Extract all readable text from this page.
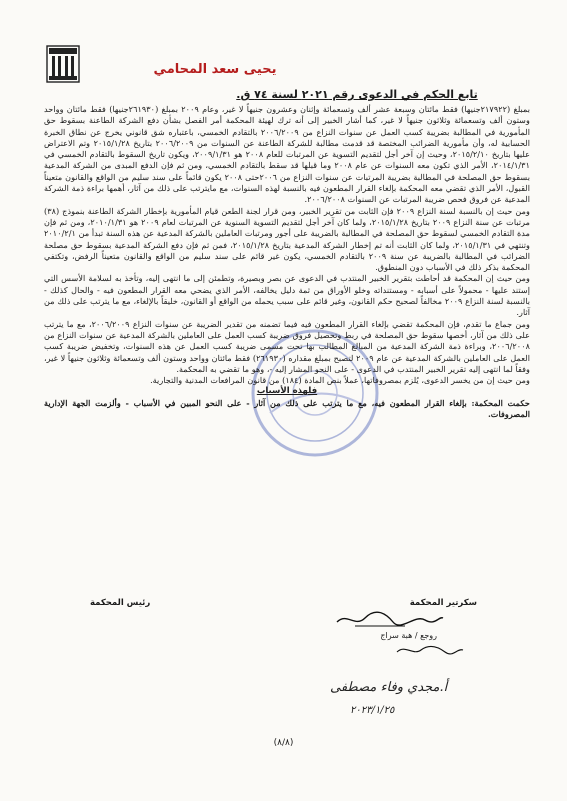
يحيى سعد المحامي
تابع الحكم في الدعوى رقم ٢٠٢١ لسنة ٧٤ ق.

بمبلغ (٢١٧٩٢٢جنيها) فقط مائتان وسبعة عشر ألف وتسعمائة وإثنان وعشرون جنيهاً لا غير، وعام ٢٠٠٩ بمبلغ (٢٦١٩٣٠جنيها) فقط مائتان وواحد وستون ألف وتسعمائة وثلاثون جنيهاً لا غير، كما أشار الخبير إلى أنه ترك لهيئة المحكمة أمر الفصل بشأن دفع الشركة الطاعنة بسقوط حق المأمورية في المطالبة بضريبة كسب العمل عن سنوات النزاع من ٢٠٠٦/٢٠٠٩ بالتقادم الخمسي، باعتباره شق قانوني يخرج عن نطاق الخبرة الحسابية له، وأن مأمورية الضرائب المختصة قد قدمت مطالبة للشركة الطاعنة عن السنوات من ٢٠٠٦/٢٠٠٩ بتاريخ ٢٠١٥/١/٢٨ وتم الاعتراض عليها بتاريخ ٢٠١٥/٢/١٠، وحيث إن آخر أجل لتقديم التسوية عن المرتبات للعام ٢٠٠٨ هو ٢٠٠٩/١/٣١، ويكون تاريخ السقوط بالتقادم الخمسي في ٢٠١٤/١/٣١، الأمر الذي تكون معه السنوات عن عام ٢٠٠٨ وما قبلها قد سقط بالتقادم الخمسي، ومن ثم فإن الدفع المبدى من الشركة المدعية بسقوط حق المصلحة في المطالبة بضريبة المرتبات عن سنوات النزاع من ٢٠٠٦حتى ٢٠٠٨ يكون قائماً على سند سليم من الواقع والقانون متعيناً القبول، الأمر الذي تقضي معه المحكمة بإلغاء القرار المطعون فيه بالنسبة لهذه السنوات، مع مايترتب على ذلك من آثار، أهمها براءة ذمة الشركة المدعية عن فروق فحص ضريبة المرتبات عن السنوات ٢٠٠٦/٢٠٠٨.

ومن حيث إن بالنسبة لسنة النزاع ٢٠٠٩ فإن الثابت من تقرير الخبير، ومن قرار لجنة الطعن قيام المأمورية بإخطار الشركة الطاعنة بنموذج (٣٨) مرتبات عن سنة النزاع ٢٠٠٩ بتاريخ ٢٠١٥/١/٢٨، ولما كان آخر أجل لتقديم التسوية السنوية عن المرتبات لعام ٢٠٠٩ هو ٢٠١٠/١/٣١، ومن ثم فإن مدة التقادم الخمسي لسقوط حق المصلحة في المطالبة بالضريبة على أجور ومرتبات العاملين بالشركة المدعية عن هذه السنة تبدأ من ٢٠١٠/٢/١ وتنتهي في ٢٠١٥/١/٣١، ولما كان الثابت أنه تم إخطار الشركة المدعية بتاريخ ٢٠١٥/١/٢٨، فمن ثم فإن دفع الشركة المدعية بسقوط حق مصلحة الضرائب في المطالبة بالضريبة عن سنة ٢٠٠٩ بالتقادم الخمسي، يكون غير قائم على سند سليم من الواقع والقانون متعيناً الرفض، وتكتفي المحكمة بذكر ذلك في الأسباب دون المنطوق.

ومن حيث إن المحكمة قد أحاطت بتقرير الخبير المنتدب في الدعوى عن بصر وبصيرة، وتطمئن إلى ما انتهى إليه، وتأخذ به لسلامة الأسس التي إستند عليها - محمولاً على أسبابه - ومستنداته وخلو الأوراق من ثمة دليل يخالفه، الأمر الذي يضحي معه القرار المطعون فيه - والحال كذلك - بالنسبة لسنة النزاع ٢٠٠٩ مخالفاً لصحيح حكم القانون، وغير قائم على سبب يحمله من الواقع أو القانون، خليقاً بالإلغاء، مع ما يترتب على ذلك من آثار.

ومن جماع ما تقدم، فإن المحكمة تقضي بإلغاء القرار المطعون فيه فيما تضمنه من تقدير الضريبة عن سنوات النزاع ٢٠٠٦/٢٠٠٩، مع ما يترتب على ذلك من آثار، أخصها سقوط حق المصلحة في ربط وتحصيل فروق ضريبة كسب العمل على العاملين بالشركة المدعية عن سنوات النزاع من ٢٠٠٦/٢٠٠٨، وبراءة ذمة الشركة المدعية من المبالغ المطالب بها تحت مسمى ضريبة كسب العمل عن هذه السنوات، وتخفيض ضريبة كسب العمل على العاملين بالشركة المدعية عن عام ٢٠٠٩ لتصبح بمبلغ مقداره (٢٦١٩٣٠) فقط مائتان وواحد وستون ألف وتسعمائة وثلاثون جنيهاً لا غير، وفقاً لما انتهى إليه تقرير الخبير المنتدب في الدعوى - على النحو المشار إليه -، وهو ما تقضي به المحكمة.

ومن حيث إن من يخسر الدعوى، يُلزم بمصروفاتها، عملاً بنص المادة (١٨٤) من قانون المرافعات المدنية والتجارية.

فلهذه الأسباب

حكمت المحكمة: بإلغاء القرار المطعون فيه، مع ما يترتب على ذلك من آثار - على النحو المبين في الأسباب - وألزمت الجهة الإدارية المصروفات.

سكرتير المحكمة
رئيس المحكمة
روجع / هبة سراج
أ.مجدي وفاء مصطفى
٢٠٢٣/١/٢٥
(٨/٨)
